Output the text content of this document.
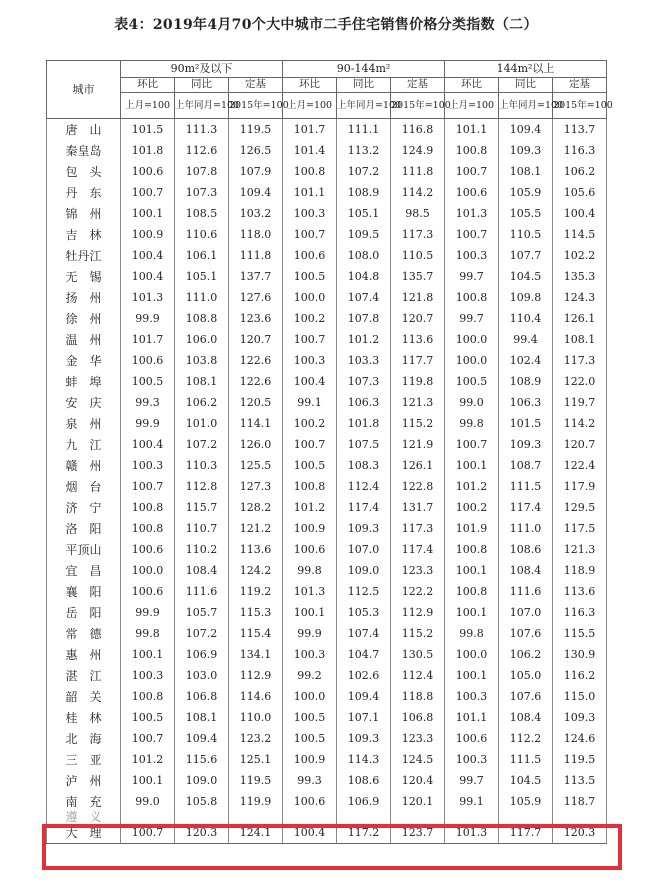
表4：2019年4月70个大中城市二手住宅销售价格分类指数（二）
城市	90m²及以下			90-144m²			144m²以上		
	环比	同比	定基	环比	同比	定基	环比	同比	定基
	上月=100	上年同月=100	2015年=100	上月=100	上年同月=100	2015年=100	上月=100	上年同月=100	2015年=100
唐　山	101.5	111.3	119.5	101.7	111.1	116.8	101.1	109.4	113.7
秦皇岛	101.8	112.6	126.5	101.4	113.2	124.9	100.8	109.3	116.3
包　头	100.6	107.8	107.9	100.8	107.2	111.8	100.7	108.1	106.2
丹　东	100.7	107.3	109.4	101.1	108.9	114.2	100.6	105.9	105.6
锦　州	100.1	108.5	103.2	100.3	105.1	98.5	101.3	105.5	100.4
吉　林	100.9	110.6	118.0	100.7	109.5	117.3	100.7	110.5	114.5
牡丹江	100.4	106.1	111.8	100.6	108.0	110.5	100.3	107.7	102.2
无　锡	100.4	105.1	137.7	100.5	104.8	135.7	99.7	104.5	135.3
扬　州	101.3	111.0	127.6	100.0	107.4	121.8	100.8	109.8	124.3
徐　州	99.9	108.8	123.6	100.2	107.8	120.7	99.7	110.4	126.1
温　州	101.7	106.0	120.7	100.7	101.2	113.6	100.0	99.4	108.1
金　华	100.6	103.8	122.6	100.3	103.3	117.7	100.0	102.4	117.3
蚌　埠	100.5	108.1	122.6	100.4	107.3	119.8	100.5	108.9	122.0
安　庆	99.3	106.2	120.5	99.1	106.3	121.3	99.0	106.3	119.7
泉　州	99.9	101.0	114.1	100.2	101.8	115.2	99.8	101.5	114.2
九　江	100.4	107.2	126.0	100.7	107.5	121.9	100.7	109.3	120.7
赣　州	100.3	110.3	125.5	100.5	108.3	126.1	100.1	108.7	122.4
烟　台	100.7	112.8	127.3	100.8	112.4	122.8	101.2	111.5	117.9
济　宁	100.8	115.7	128.2	101.2	117.4	131.7	100.2	117.4	129.5
洛　阳	100.8	110.7	121.2	100.9	109.3	117.3	101.9	111.0	117.5
平顶山	100.6	110.2	113.6	100.6	107.0	117.4	100.8	108.6	121.3
宜　昌	100.0	108.4	124.2	99.8	109.0	123.3	100.1	108.4	118.9
襄　阳	100.6	111.6	119.2	101.3	112.5	122.2	100.8	111.6	113.6
岳　阳	99.9	105.7	115.3	100.1	105.3	112.9	100.1	107.0	116.3
常　德	99.8	107.2	115.4	99.9	107.4	115.2	99.8	107.6	115.5
惠　州	100.1	106.9	134.1	100.3	104.7	130.5	100.0	106.2	130.9
湛　江	100.3	103.0	112.9	99.2	102.6	112.4	100.1	105.0	116.2
韶　关	100.8	106.8	114.6	100.0	109.4	118.8	100.3	107.6	115.0
桂　林	100.5	108.1	110.0	100.5	107.1	106.8	101.1	108.4	109.3
北　海	100.7	109.4	123.2	100.5	109.3	123.3	100.6	112.2	124.6
三　亚	101.2	115.6	125.1	100.9	114.3	124.5	100.3	111.5	119.5
泸　州	100.1	109.0	119.5	99.3	108.6	120.4	99.7	104.5	113.5
南　充	99.0	105.8	119.9	100.6	106.9	120.1	99.1	105.9	118.7
遵　义									
大　理	100.7	120.3	124.1	100.4	117.2	123.7	101.3	117.7	120.3
